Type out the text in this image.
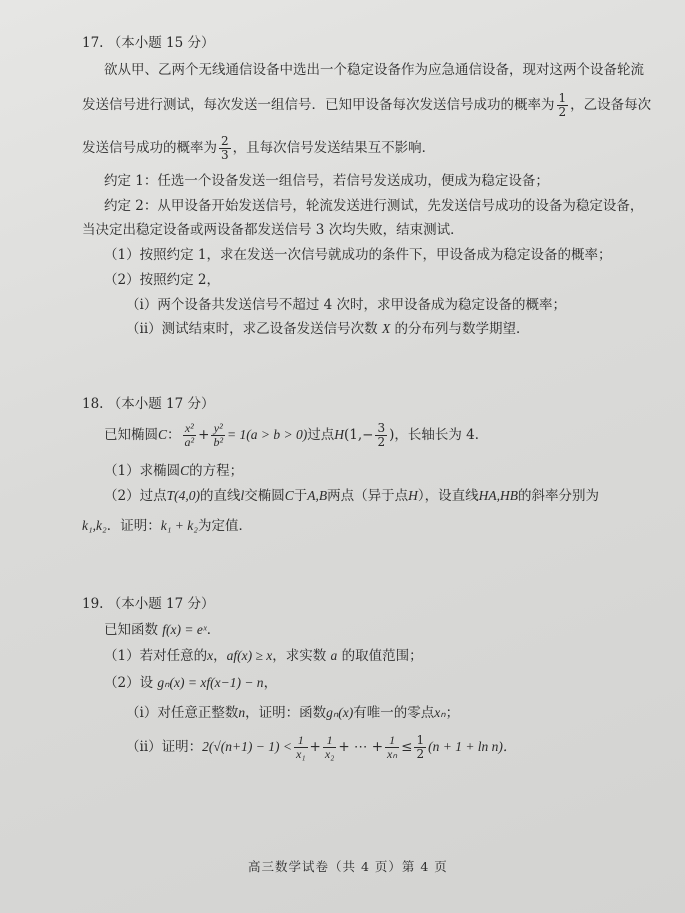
17. （本小题 15 分）
欲从甲、乙两个无线通信设备中选出一个稳定设备作为应急通信设备，现对这两个设备轮流
发送信号进行测试，每次发送一组信号．已知甲设备每次发送信号成功的概率为 $\frac{1}{2}$ ，乙设备每次
发送信号成功的概率为 $\frac{2}{3}$ ，且每次信号发送结果互不影响．
约定 1：任选一个设备发送一组信号，若信号发送成功，便成为稳定设备；
约定 2：从甲设备开始发送信号，轮流发送进行测试，先发送信号成功的设备为稳定设备，
当决定出稳定设备或两设备都发送信号 3 次均失败，结束测试．
（1）按照约定 1，求在发送一次信号就成功的条件下，甲设备成为稳定设备的概率；
（2）按照约定 2，
（i）两个设备共发送信号不超过 4 次时，求甲设备成为稳定设备的概率；
（ii）测试结束时，求乙设备发送信号次数 X 的分布列与数学期望．
18. （本小题 17 分）
已知椭圆C： $\frac{\text{x²}}{\text{a²}} + \frac{\text{y²}}{\text{b²}} = 1(a > b > 0)$过点$H(1,- \frac{3}{2}$ )，长轴长为 4．
（1）求椭圆C的方程；
（2）过点T(4,0)的直线l交椭圆C于A,B两点（异于点H），设直线HA,HB的斜率分别为
k₁,k₂．证明：k₁ + k₂为定值．
19. （本小题 17 分）
已知函数 f(x) = eˣ．
（1）若对任意的x，af(x) ≥ x，求实数 a 的取值范围；
（2）设 gₙ(x) = xf(x−1) − n，
（i）对任意正整数n，证明：函数gₙ(x)有唯一的零点xₙ；
（ii）证明：$2(√(n+1) - 1) < \frac{1}{\text{x₁}} + \frac{1}{\text{x₂}}$ + ⋯ + $\frac{1}{\text{xₙ}} \le \frac{1}{2} (n + 1 + \ln n)$．
高三数学试卷（共 4 页）第 4 页
